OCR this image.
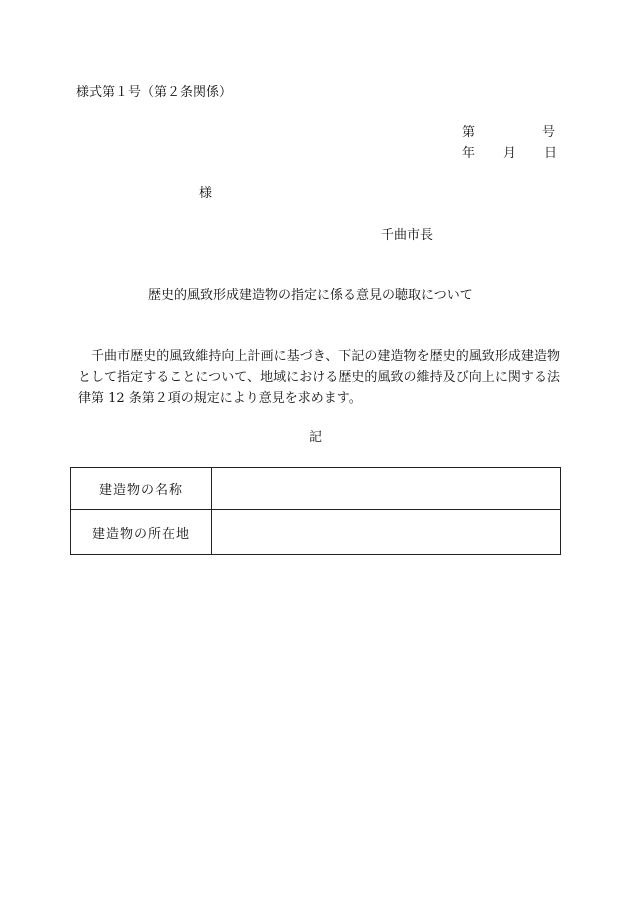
様式第１号（第２条関係）
第	号
年 月 日
様
千曲市長
歴史的風致形成建造物の指定に係る意見の聴取について
千曲市歴史的風致維持向上計画に基づき、下記の建造物を歴史的風致形成建造物として指定することについて、地域における歴史的風致の維持及び向上に関する法律第 12 条第２項の規定により意見を求めます。
記
建造物の名称	
建造物の所在地	
